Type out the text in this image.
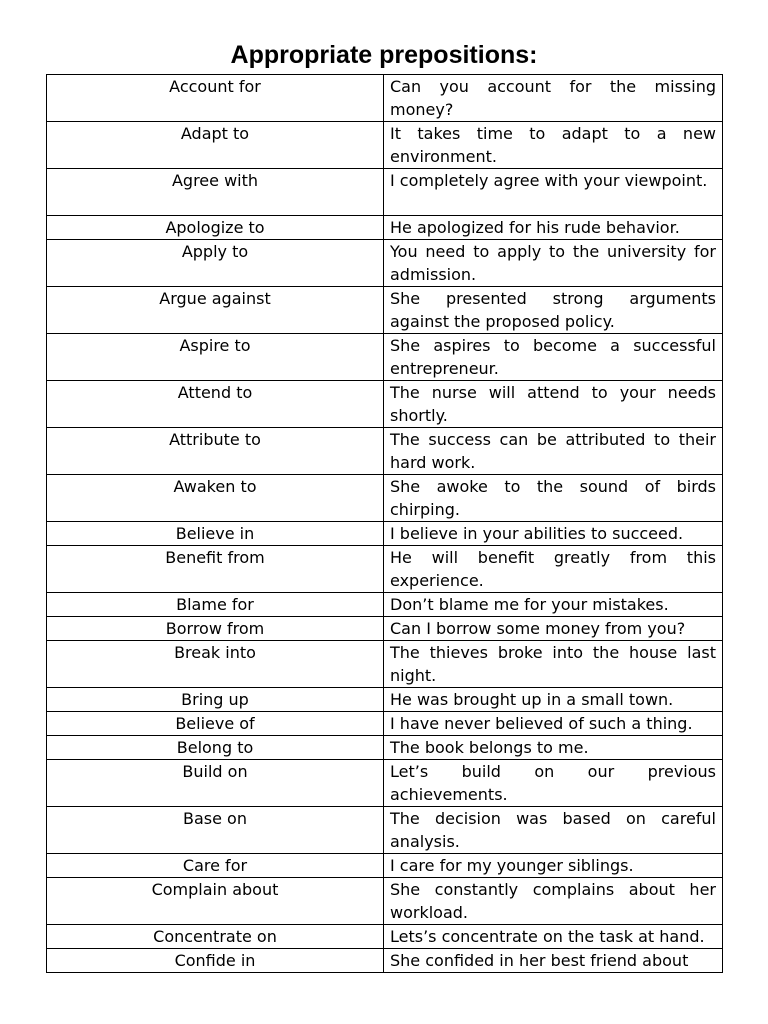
Appropriate prepositions:
Account for	Can you account for the missing money?
Adapt to	It takes time to adapt to a new environment.
Agree with	I completely agree with your viewpoint.
Apologize to	He apologized for his rude behavior.
Apply to	You need to apply to the university for admission.
Argue against	She presented strong arguments against the proposed policy.
Aspire to	She aspires to become a successful entrepreneur.
Attend to	The nurse will attend to your needs shortly.
Attribute to	The success can be attributed to their hard work.
Awaken to	She awoke to the sound of birds chirping.
Believe in	I believe in your abilities to succeed.
Benefit from	He will benefit greatly from this experience.
Blame for	Don’t blame me for your mistakes.
Borrow from	Can I borrow some money from you?
Break into	The thieves broke into the house last night.
Bring up	He was brought up in a small town.
Believe of	I have never believed of such a thing.
Belong to	The book belongs to me.
Build on	Let’s build on our previous achievements.
Base on	The decision was based on careful analysis.
Care for	I care for my younger siblings.
Complain about	She constantly complains about her workload.
Concentrate on	Lets’s concentrate on the task at hand.
Confide in	She confided in her best friend about
